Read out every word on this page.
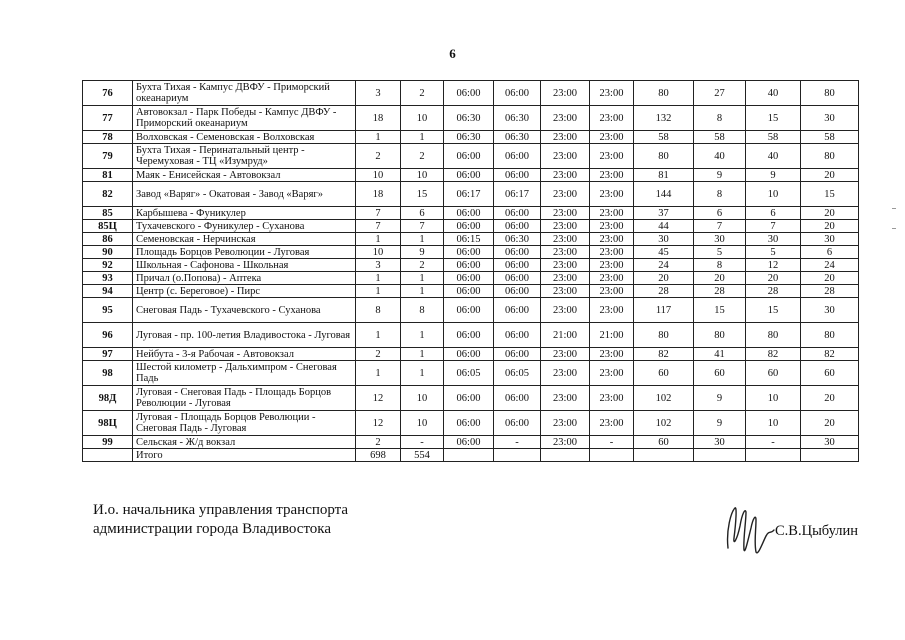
6
76	Бухта Тихая - Кампус ДВФУ - Приморский океанариум	3	2	06:00	06:00	23:00	23:00	80	27	40	80
77	Автовокзал - Парк Победы - Кампус ДВФУ - Приморский океанариум	18	10	06:30	06:30	23:00	23:00	132	8	15	30
78	Волховская - Семеновская - Волховская	1	1	06:30	06:30	23:00	23:00	58	58	58	58
79	Бухта Тихая - Перинатальный центр - Черемуховая - ТЦ «Изумруд»	2	2	06:00	06:00	23:00	23:00	80	40	40	80
81	Маяк - Енисейская - Автовокзал	10	10	06:00	06:00	23:00	23:00	81	9	9	20
82	Завод «Варяг» - Окатовая - Завод «Варяг»	18	15	06:17	06:17	23:00	23:00	144	8	10	15
85	Карбышева - Фуникулер	7	6	06:00	06:00	23:00	23:00	37	6	6	20
85Ц	Тухачевского - Фуникулер - Суханова	7	7	06:00	06:00	23:00	23:00	44	7	7	20
86	Семеновская - Нерчинская	1	1	06:15	06:30	23:00	23:00	30	30	30	30
90	Площадь Борцов Революции - Луговая	10	9	06:00	06:00	23:00	23:00	45	5	5	6
92	Школьная - Сафонова - Школьная	3	2	06:00	06:00	23:00	23:00	24	8	12	24
93	Причал (о.Попова) - Аптека	1	1	06:00	06:00	23:00	23:00	20	20	20	20
94	Центр (с. Береговое) - Пирс	1	1	06:00	06:00	23:00	23:00	28	28	28	28
95	Снеговая Падь - Тухачевского - Суханова	8	8	06:00	06:00	23:00	23:00	117	15	15	30
96	Луговая - пр. 100-летия Владивостока - Луговая	1	1	06:00	06:00	21:00	21:00	80	80	80	80
97	Нейбута - 3-я Рабочая - Автовокзал	2	1	06:00	06:00	23:00	23:00	82	41	82	82
98	Шестой километр - Дальхимпром - Снеговая Падь	1	1	06:05	06:05	23:00	23:00	60	60	60	60
98Д	Луговая - Снеговая Падь - Площадь Борцов Революции - Луговая	12	10	06:00	06:00	23:00	23:00	102	9	10	20
98Ц	Луговая - Площадь Борцов Революции - Снеговая Падь - Луговая	12	10	06:00	06:00	23:00	23:00	102	9	10	20
99	Сельская - Ж/д вокзал	2	-	06:00	-	23:00	-	60	30	-	30
	Итого	698	554								
И.о. начальника управления транспорта
администрации города Владивостока	С.В.Цыбулин
